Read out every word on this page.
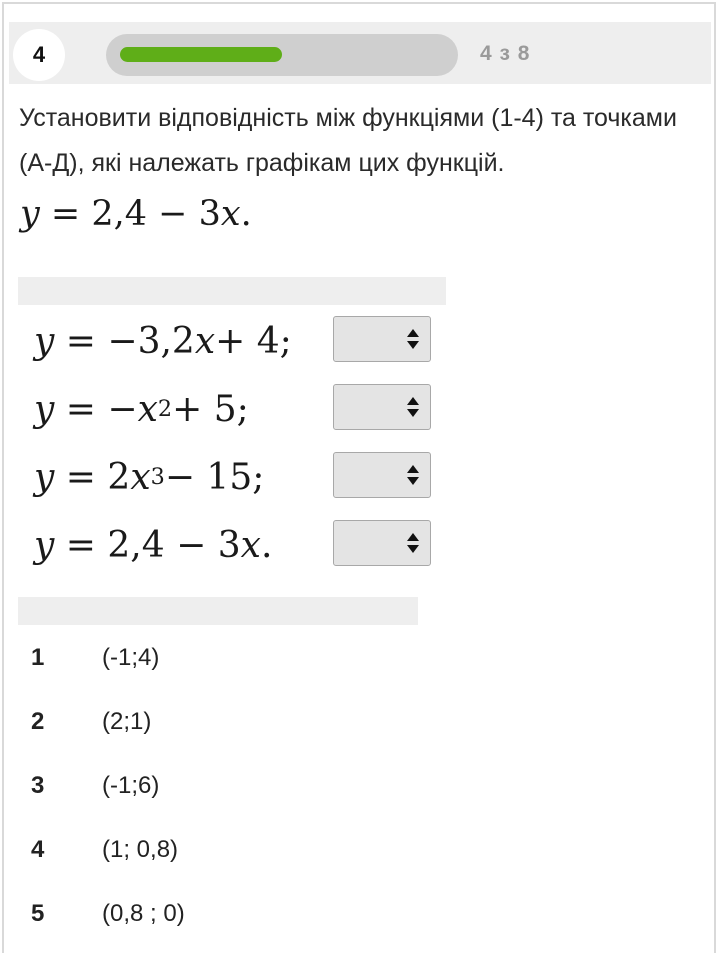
4	4 з 8
Установити відповідність між функціями (1-4) та точками (А-Д), які належать графікам цих функцій.
y = 2,4 − 3x.
y
= −3,2 x + 4;
y
= − x 2 + 5;
y
= 2 x 3 − 15;
y
= 2,4 − 3 x .
1 (-1;4)
2 (2;1)
3 (-1;6)
4 (1; 0,8)
5 (0,8 ; 0)
